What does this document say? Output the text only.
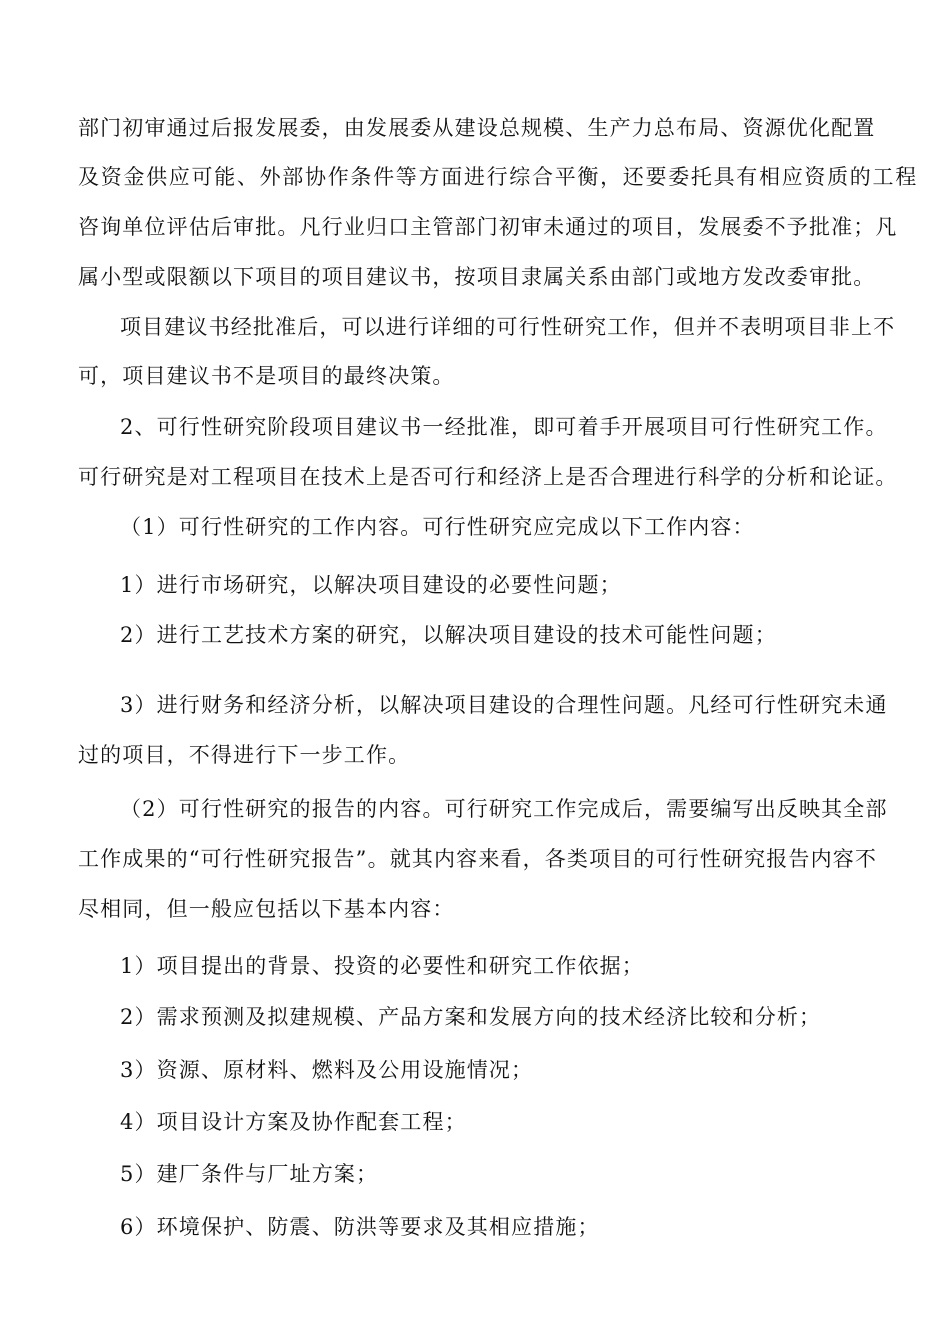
部门初审通过后报发展委，由发展委从建设总规模、生产力总布局、资源优化配置
及资金供应可能、外部协作条件等方面进行综合平衡，还要委托具有相应资质的工程
咨询单位评估后审批。凡行业归口主管部门初审未通过的项目，发展委不予批准；凡
属小型或限额以下项目的项目建议书，按项目隶属关系由部门或地方发改委审批。
项目建议书经批准后，可以进行详细的可行性研究工作，但并不表明项目非上不
可，项目建议书不是项目的最终决策。
2、可行性研究阶段项目建议书一经批准，即可着手开展项目可行性研究工作。
可行研究是对工程项目在技术上是否可行和经济上是否合理进行科学的分析和论证。
（1）可行性研究的工作内容。可行性研究应完成以下工作内容：
1）进行市场研究，以解决项目建设的必要性问题；
2）进行工艺技术方案的研究，以解决项目建设的技术可能性问题；
3）进行财务和经济分析，以解决项目建设的合理性问题。凡经可行性研究未通
过的项目，不得进行下一步工作。
（2）可行性研究的报告的内容。可行研究工作完成后，需要编写出反映其全部
工作成果的“可行性研究报告”。就其内容来看，各类项目的可行性研究报告内容不
尽相同，但一般应包括以下基本内容：
1）项目提出的背景、投资的必要性和研究工作依据；
2）需求预测及拟建规模、产品方案和发展方向的技术经济比较和分析；
3）资源、原材料、燃料及公用设施情况；
4）项目设计方案及协作配套工程；
5）建厂条件与厂址方案；
6）环境保护、防震、防洪等要求及其相应措施；
